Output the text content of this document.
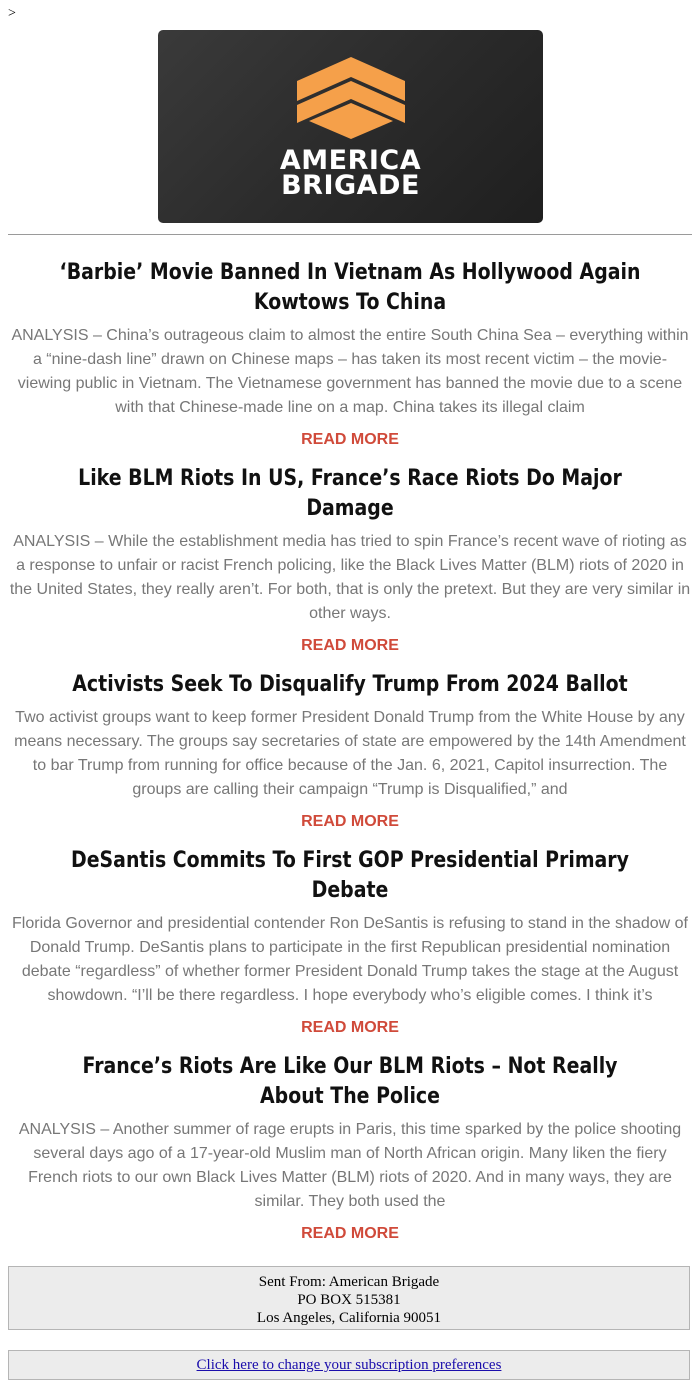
>
AMERICA
BRIGADE
‘Barbie’ Movie Banned In Vietnam As Hollywood Again Kowtows To China

ANALYSIS – China’s outrageous claim to almost the entire South China Sea – everything within a “nine-dash line” drawn on Chinese maps – has taken its most recent victim – the movie-viewing public in Vietnam. The Vietnamese government has banned the movie due to a scene with that Chinese-made line on a map. China takes its illegal claim

READ MORE
Like BLM Riots In US, France’s Race Riots Do Major Damage

ANALYSIS – While the establishment media has tried to spin France’s recent wave of rioting as a response to unfair or racist French policing, like the Black Lives Matter (BLM) riots of 2020 in the United States, they really aren’t. For both, that is only the pretext. But they are very similar in other ways.

READ MORE
Activists Seek To Disqualify Trump From 2024 Ballot

Two activist groups want to keep former President Donald Trump from the White House by any means necessary. The groups say secretaries of state are empowered by the 14th Amendment to bar Trump from running for office because of the Jan. 6, 2021, Capitol insurrection. The groups are calling their campaign “Trump is Disqualified,” and

READ MORE
DeSantis Commits To First GOP Presidential Primary Debate

Florida Governor and presidential contender Ron DeSantis is refusing to stand in the shadow of Donald Trump. DeSantis plans to participate in the first Republican presidential nomination debate “regardless” of whether former President Donald Trump takes the stage at the August showdown. “I’ll be there regardless. I hope everybody who’s eligible comes. I think it’s

READ MORE
France’s Riots Are Like Our BLM Riots – Not Really About The Police

ANALYSIS – Another summer of rage erupts in Paris, this time sparked by the police shooting several days ago of a 17-year-old Muslim man of North African origin. Many liken the fiery French riots to our own Black Lives Matter (BLM) riots of 2020. And in many ways, they are similar. They both used the

READ MORE
Sent From: American Brigade
PO BOX 515381
Los Angeles, California 90051
Click here to change your subscription preferences
